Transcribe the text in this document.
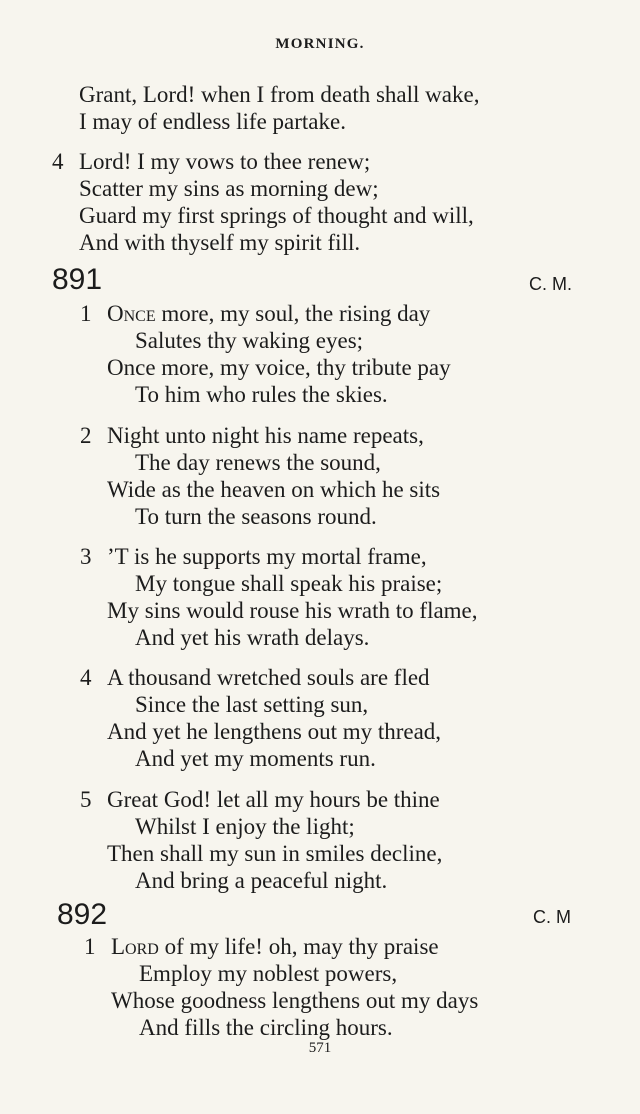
MORNING.
Grant, Lord! when I from death shall wake,
I may of endless life partake.
4 Lord! I my vows to thee renew;
Scatter my sins as morning dew;
Guard my first springs of thought and will,
And with thyself my spirit fill.
891	C. M.
1 Once more, my soul, the rising day
Salutes thy waking eyes;
Once more, my voice, thy tribute pay
To him who rules the skies.
2 Night unto night his name repeats,
The day renews the sound,
Wide as the heaven on which he sits
To turn the seasons round.
3 ’T is he supports my mortal frame,
My tongue shall speak his praise;
My sins would rouse his wrath to flame,
And yet his wrath delays.
4 A thousand wretched souls are fled
Since the last setting sun,
And yet he lengthens out my thread,
And yet my moments run.
5 Great God! let all my hours be thine
Whilst I enjoy the light;
Then shall my sun in smiles decline,
And bring a peaceful night.
892	C. M
1 Lord of my life! oh, may thy praise
Employ my noblest powers,
Whose goodness lengthens out my days
And fills the circling hours.
571
